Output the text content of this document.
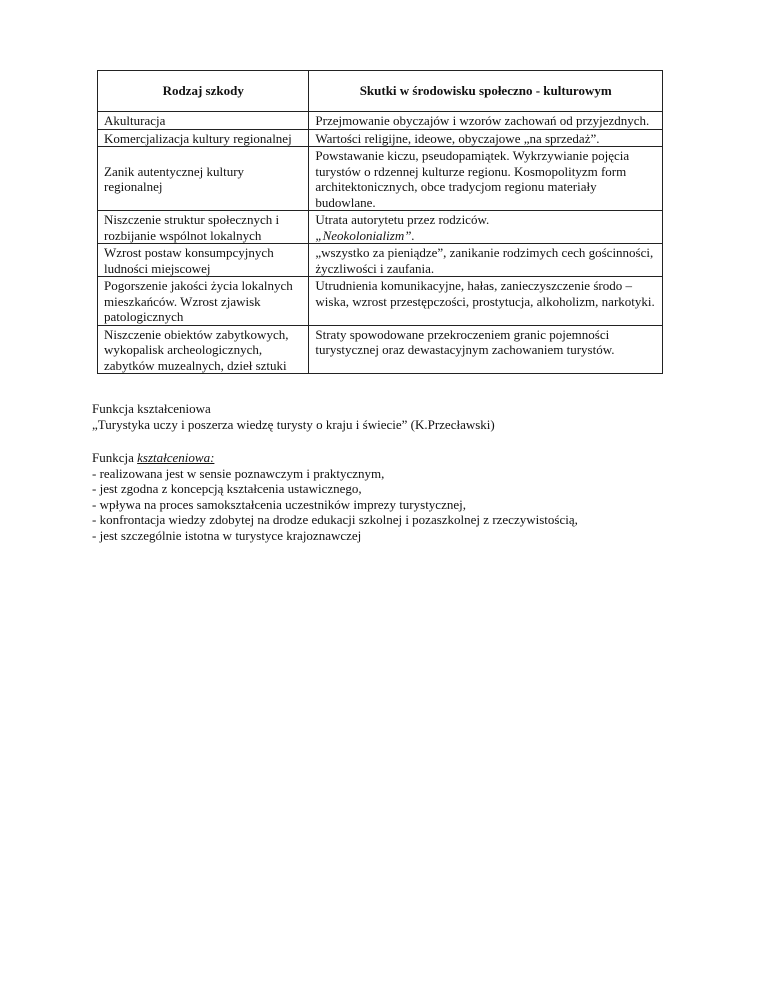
Rodzaj szkody	Skutki w środowisku społeczno - kulturowym
Akulturacja	Przejmowanie obyczajów i wzorów zachowań od przyjezdnych.
Komercjalizacja kultury regionalnej	Wartości religijne, ideowe, obyczajowe „na sprzedaż”.
Zanik autentycznej kultury regionalnej	Powstawanie kiczu, pseudopamiątek. Wykrzywianie pojęcia turystów o rdzennej kulturze regionu. Kosmopolityzm form architektonicznych, obce tradycjom regionu materiały budowlane.
Niszczenie struktur społecznych i rozbijanie wspólnot lokalnych	Utrata autorytetu przez rodziców.
„Neokolonializm”.

Wzrost postaw konsumpcyjnych ludności miejscowej	„wszystko za pieniądze”, zanikanie rodzimych cech gościnności, życzliwości i zaufania.
Pogorszenie jakości życia lokalnych mieszkańców. Wzrost zjawisk patologicznych	Utrudnienia komunikacyjne, hałas, zanieczyszczenie środo – wiska, wzrost przestępczości, prostytucja, alkoholizm, narkotyki.
Niszczenie obiektów zabytkowych, wykopalisk archeologicznych, zabytków muzealnych, dzieł sztuki	Straty spowodowane przekroczeniem granic pojemności turystycznej oraz dewastacyjnym zachowaniem turystów.
Funkcja kształceniowa
„Turystyka uczy i poszerza wiedzę turysty o kraju i świecie” (K.Przecławski)
Funkcja kształceniowa:
- realizowana jest w sensie poznawczym i praktycznym,
- jest zgodna z koncepcją kształcenia ustawicznego,
- wpływa na proces samokształcenia uczestników imprezy turystycznej,
- konfrontacja wiedzy zdobytej na drodze edukacji szkolnej i pozaszkolnej z rzeczywistością,
- jest szczególnie istotna w turystyce krajoznawczej
